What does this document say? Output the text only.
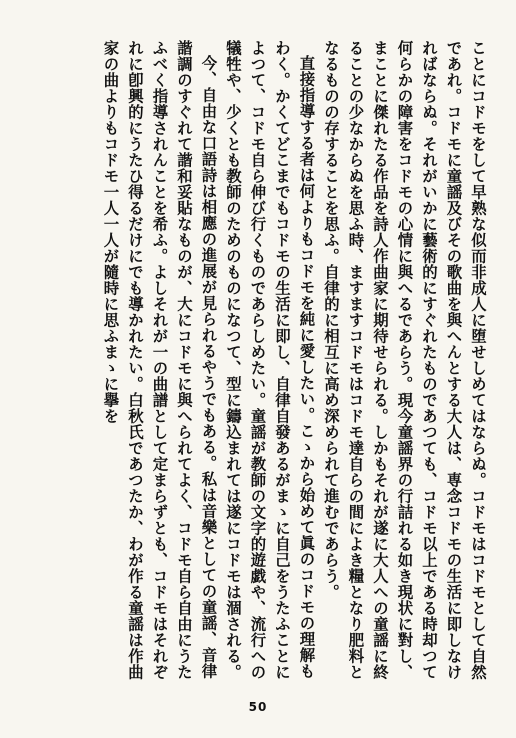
ことにコドモをして早熟な似而非成人に堕せしめてはならぬ。コドモはコドモとして自然であれ。コドモに童謡及びその歌曲を與へんとする大人は、専念コドモの生活に即しなければならぬ。それがいかに藝術的にすぐれたものであつても、コドモ以上である時却つて何らかの障害をコドモの心情に與へるであらう。現今童謡界の行詰れる如き現状に對し、まことに傑れたる作品を詩人作曲家に期待せられる。しかもそれが遂に大人への童謡に終ることの少なからぬを思ふ時、ますますコドモはコドモ達自らの間によき糧となり肥料となるものの存することを思ふ。自律的に相互に高め深められて進むであらう。

直接指導する者は何よりもコドモを純に愛したい。こゝから始めて眞のコドモの理解もわく。かくてどこまでもコドモの生活に即し、自律自發あるがまゝに自己をうたふことによつて、コドモ自ら伸び行くものであらしめたい。童謡が教師の文字的遊戯や、流行への犠牲や、少くとも教師のためのものになつて、型に鑄込まれては遂にコドモは涸される。

今、自由な口語詩は相應の進展が見られるやうでもある。私は音樂としての童謡、音律諧調のすぐれて諧和妥貼なものが、大にコドモに與へられてよく、コドモ自ら自由にうたふべく指導されんことを希ふ。よしそれが一の曲譜として定まらずとも、コドモはそれぞれに卽興的にうたひ得るだけにでも導かれたい。白秋氏であつたか、わが作る童謡は作曲家の曲よりもコドモ一人一人が隨時に思ふまゝに擧を

50
